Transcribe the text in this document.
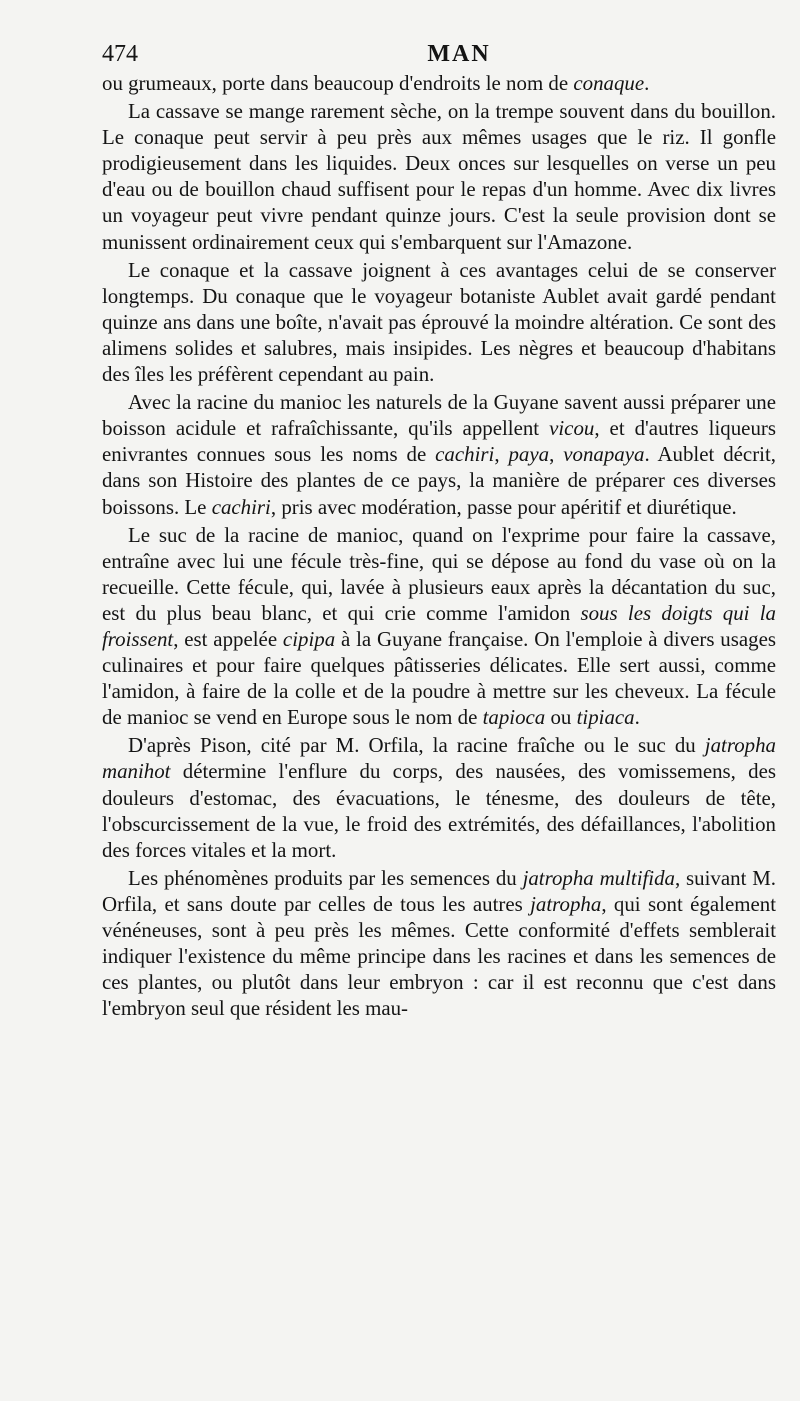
474	MAN

ou grumeaux, porte dans beaucoup d'endroits le nom de conaque.

La cassave se mange rarement sèche, on la trempe souvent dans du bouillon. Le conaque peut servir à peu près aux mêmes usages que le riz. Il gonfle prodigieusement dans les liquides. Deux onces sur lesquelles on verse un peu d'eau ou de bouillon chaud suffisent pour le repas d'un homme. Avec dix livres un voyageur peut vivre pendant quinze jours. C'est la seule provision dont se munissent ordinairement ceux qui s'embarquent sur l'Amazone.

Le conaque et la cassave joignent à ces avantages celui de se conserver longtemps. Du conaque que le voyageur botaniste Aublet avait gardé pendant quinze ans dans une boîte, n'avait pas éprouvé la moindre altération. Ce sont des alimens solides et salubres, mais insipides. Les nègres et beaucoup d'habitans des îles les préfèrent cependant au pain.

Avec la racine du manioc les naturels de la Guyane savent aussi préparer une boisson acidule et rafraîchissante, qu'ils appellent vicou, et d'autres liqueurs enivrantes connues sous les noms de cachiri, paya, vonapaya. Aublet décrit, dans son Histoire des plantes de ce pays, la manière de préparer ces diverses boissons. Le cachiri, pris avec modération, passe pour apéritif et diurétique.

Le suc de la racine de manioc, quand on l'exprime pour faire la cassave, entraîne avec lui une fécule très-fine, qui se dépose au fond du vase où on la recueille. Cette fécule, qui, lavée à plusieurs eaux après la décantation du suc, est du plus beau blanc, et qui crie comme l'amidon sous les doigts qui la froissent, est appelée cipipa à la Guyane française. On l'emploie à divers usages culinaires et pour faire quelques pâtisseries délicates. Elle sert aussi, comme l'amidon, à faire de la colle et de la poudre à mettre sur les cheveux. La fécule de manioc se vend en Europe sous le nom de tapioca ou tipiaca.

D'après Pison, cité par M. Orfila, la racine fraîche ou le suc du jatropha manihot détermine l'enflure du corps, des nausées, des vomissemens, des douleurs d'estomac, des évacuations, le ténesme, des douleurs de tête, l'obscurcissement de la vue, le froid des extrémités, des défaillances, l'abolition des forces vitales et la mort.

Les phénomènes produits par les semences du jatropha multifida, suivant M. Orfila, et sans doute par celles de tous les autres jatropha, qui sont également vénéneuses, sont à peu près les mêmes. Cette conformité d'effets semblerait indiquer l'existence du même principe dans les racines et dans les semences de ces plantes, ou plutôt dans leur embryon : car il est reconnu que c'est dans l'embryon seul que résident les mau-
